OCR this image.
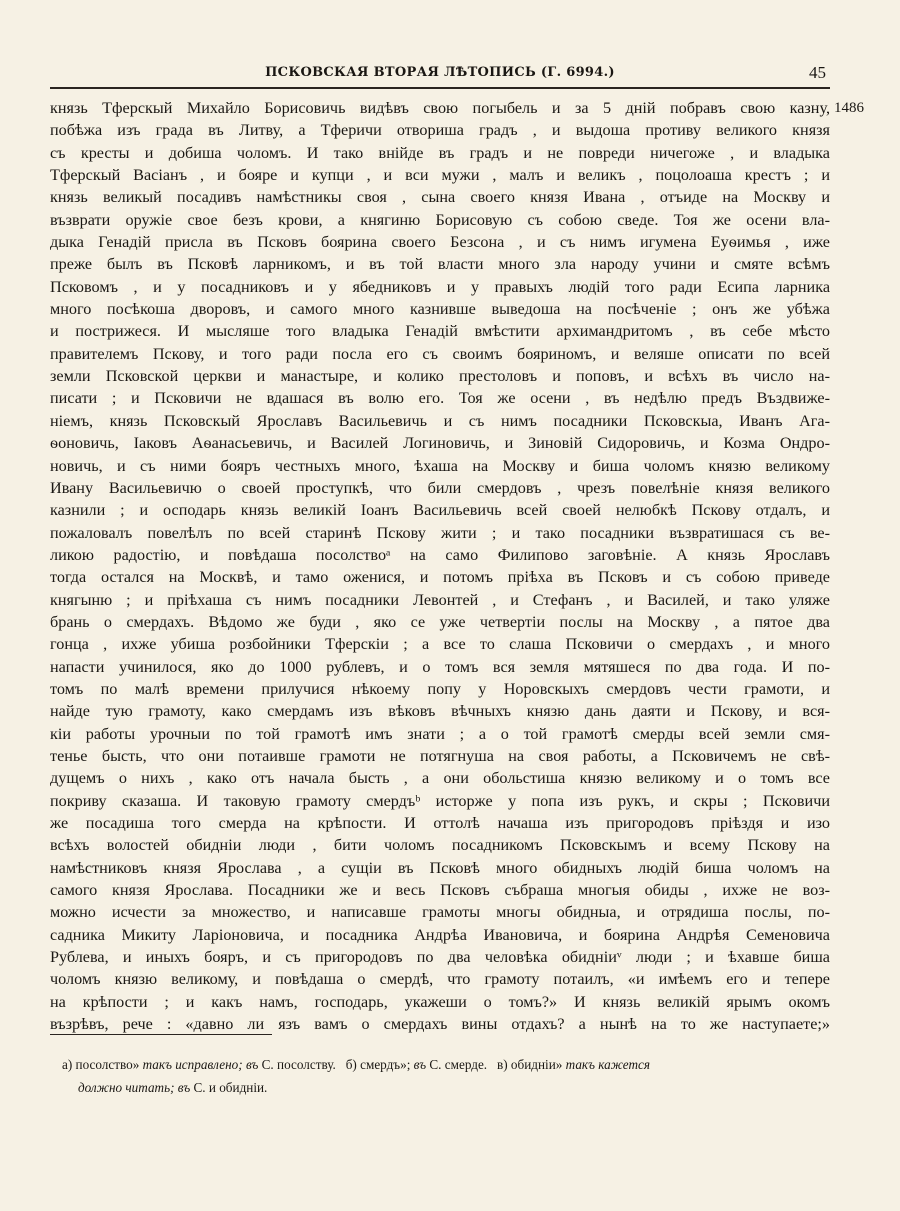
ПСКОВСКАЯ ВТОРАЯ ЛѢТОПИСЬ (Г. 6994.)	45
1486
князь Тферскый Михайло Борисовичь видѣвъ свою погыбель и за 5 днiй побравъ свою казну,
побѣжа изъ града въ Литву, а Тферичи отвориша градъ , и выдоша противу великого князя
съ кресты и добиша чоломъ. И тако внiйде въ градъ и не повреди ничегоже , и владыка
Тферскый Васiанъ , и бояре и купци , и вси мужи , малъ и великъ , поцолоаша крестъ ; и
князь великый посадивъ намѣстникы своя , сына своего князя Ивана , отъиде на Москву и
възврати оружiе свое безъ крови, а княгиню Борисовую съ собою сведе. Тоя же осени вла-
дыка Генадiй присла въ Псковъ боярина своего Безсона , и съ нимъ игумена Еуѳимья , иже
преже былъ въ Псковѣ ларникомъ, и въ той власти много зла народу учини и смяте всѣмъ
Псковомъ , и у посадниковъ и у ябедниковъ и у правыхъ людiй того ради Есипа ларника
много посѣкоша дворовъ, и самого много казнивше выведоша на посѣченiе ; онъ же убѣжа
и пострижеся. И мысляше того владыка Генадiй вмѣстити архимандритомъ , въ себе мѣсто
правителемъ Пскову, и того ради посла его съ своимъ бояриномъ, и веляше описати по всей
земли Псковской церкви и манастыре, и колико престоловъ и поповъ, и всѣхъ въ число на-
писати ; и Псковичи не вдашася въ волю его. Тоя же осени , въ недѣлю предъ Въздвиже-
нiемъ, князь Псковскый Ярославъ Васильевичь и съ нимъ посадники Псковскыа, Иванъ Ага-
ѳоновичь, Iаковъ Аѳанасьевичь, и Василей Логиновичь, и Зиновiй Сидоровичь, и Козма Ондро-
новичь, и съ ними бояръ честныхъ много, ѣхаша на Москву и биша чоломъ князю великому
Ивану Васильевичю о своей проступкѣ, что били смердовъ , чрезъ повелѣнiе князя великого
казнили ; и осподарь князь великiй Iоанъ Васильевичь всей своей нелюбкѣ Пскову отдалъ, и
пожаловалъ повелѣлъ по всей старинѣ Пскову жити ; и тако посадники възвратишася съ ве-
ликою радостiю, и повѣдаша посолствоᵃ на само Филипово заговѣнiе. А князь Ярославъ
тогда остался на Москвѣ, и тамо оженися, и потомъ прiѣха въ Псковъ и съ собою приведе
княгыню ; и прiѣхаша съ нимъ посадники Левонтей , и Стефанъ , и Василей, и тако уляже
брань о смердахъ. Вѣдомо же буди , яко се уже четвертiи послы на Москву , а пятое два
гонца , ихже убиша розбойники Тферскiи ; а все то слаша Псковичи о смердахъ , и много
напасти учинилося, яко до 1000 рублевъ, и о томъ вся земля мятяшеся по два года. И по-
томъ по малѣ времени прилучися нѣкоему попу у Норовскыхъ смердовъ чести грамоти, и
найде тую грамоту, како смердамъ изъ вѣковъ вѣчныхъ князю дань даяти и Пскову, и вся-
кiи работы урочныи по той грамотѣ имъ знати ; а о той грамотѣ смерды всей земли смя-
тенье бысть, что они потаивше грамоти не потягнуша на своя работы, а Псковичемъ не свѣ-
дущемъ о нихъ , како отъ начала бысть , а они обольстиша князю великому и о томъ все
покриву сказаша. И таковую грамоту смердъᵇ исторже у попа изъ рукъ, и скры ; Псковичи
же посадиша того смерда на крѣпости. И оттолѣ начаша изъ пригородовъ прiѣздя и изо
всѣхъ волостей обидніи люди , бити чоломъ посадникомъ Псковскымъ и всему Пскову на
намѣстниковъ князя Ярослава , а сущiи въ Псковѣ много обидныхъ людiй биша чоломъ на
самого князя Ярослава. Посадники же и весь Псковъ събраша многыя обиды , ихже не воз-
можно исчести за множество, и написавше грамоты многы обидныа, и отрядиша послы, по-
садника Микиту Ларiоновича, и посадника Андрѣа Ивановича, и боярина Андрѣя Семеновича
Рублева, и иныхъ бояръ, и съ пригородовъ по два человѣка обидніиᵛ люди ; и ѣхавше биша
чоломъ князю великому, и повѣдаша о смердѣ, что грамоту потаилъ, «и имѣемъ его и тепере
на крѣпости ; и какъ намъ, господарь, укажеши о томъ?» И князь великiй ярымъ окомъ
възрѣвъ, рече : «давно ли язъ вамъ о смердахъ вины отдахъ? а нынѣ на то же наступаете;»
а) посолство» такъ исправлено; въ С. посолству. б) смердъ»; въ С. смерде. в) обидніи» такъ кажется
должно читать; въ С. и обидніи.
